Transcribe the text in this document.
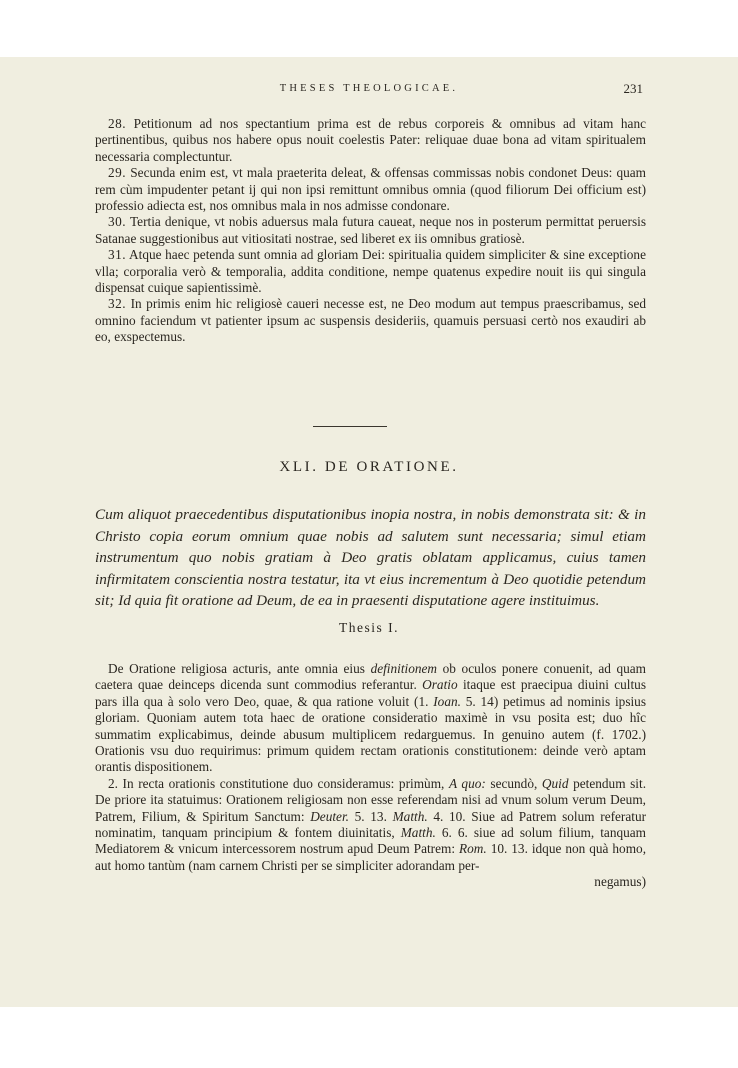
THESES THEOLOGICAE.	231

28. Petitionum ad nos spectantium prima est de rebus corporeis & omnibus ad vitam hanc pertinentibus, quibus nos habere opus nouit coelestis Pater: reliquae duae bona ad vitam spiritualem necessaria complectuntur.

29. Secunda enim est, vt mala praeterita deleat, & offensas commissas nobis condonet Deus: quam rem cùm impudenter petant ij qui non ipsi remittunt omnibus omnia (quod filiorum Dei officium est) professio adiecta est, nos omnibus mala in nos admisse condonare.

30. Tertia denique, vt nobis aduersus mala futura caueat, neque nos in posterum permittat peruersis Satanae suggestionibus aut vitiositati nostrae, sed liberet ex iis omnibus gratiosè.

31. Atque haec petenda sunt omnia ad gloriam Dei: spiritualia quidem simpliciter & sine exceptione vlla; corporalia verò & temporalia, addita conditione, nempe quatenus expedire nouit iis qui singula dispensat cuique sapientissimè.

32. In primis enim hic religiosè caueri necesse est, ne Deo modum aut tempus praescribamus, sed omnino faciendum vt patienter ipsum ac suspensis desideriis, quamuis persuasi certò nos exaudiri ab eo, exspectemus.

XLI. DE ORATIONE.
Cum aliquot praecedentibus disputationibus inopia nostra, in nobis demonstrata sit: & in Christo copia eorum omnium quae nobis ad salutem sunt necessaria; simul etiam instrumentum quo nobis gratiam à Deo gratis oblatam applicamus, cuius tamen infirmitatem conscientia nostra testatur, ita vt eius incrementum à Deo quotidie petendum sit; Id quia fit oratione ad Deum, de ea in praesenti disputatione agere instituimus.
Thesis I.

De Oratione religiosa acturis, ante omnia eius definitionem ob oculos ponere conuenit, ad quam caetera quae deinceps dicenda sunt commodius referantur. Oratio itaque est praecipua diuini cultus pars illa qua à solo vero Deo, quae, & qua ratione voluit (1. Ioan. 5. 14) petimus ad nominis ipsius gloriam. Quoniam autem tota haec de oratione consideratio maximè in vsu posita est; duo hîc summatim explicabimus, deinde abusum multiplicem redarguemus. In genuino autem (f. 1702.) Orationis vsu duo requirimus: primum quidem rectam orationis constitutionem: deinde verò aptam orantis dispositionem.

2. In recta orationis constitutione duo consideramus: primùm, A quo: secundò, Quid petendum sit. De priore ita statuimus: Orationem religiosam non esse referendam nisi ad vnum solum verum Deum, Patrem, Filium, & Spiritum Sanctum: Deuter. 5. 13. Matth. 4. 10. Siue ad Patrem solum referatur nominatim, tanquam principium & fontem diuinitatis, Matth. 6. 6. siue ad solum filium, tanquam Mediatorem & vnicum intercessorem nostrum apud Deum Patrem: Rom. 10. 13. idque non quà homo, aut homo tantùm (nam carnem Christi per se simpliciter adorandam per-

negamus)
